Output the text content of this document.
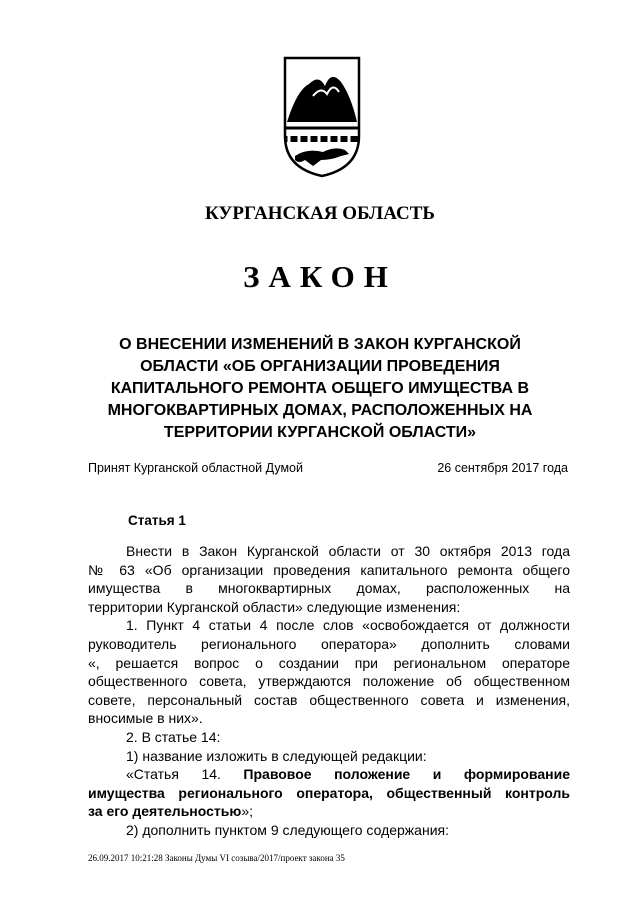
КУРГАНСКАЯ ОБЛАСТЬ
ЗАКОН
О ВНЕСЕНИИ ИЗМЕНЕНИЙ В ЗАКОН КУРГАНСКОЙ
ОБЛАСТИ «ОБ ОРГАНИЗАЦИИ ПРОВЕДЕНИЯ
КАПИТАЛЬНОГО РЕМОНТА ОБЩЕГО ИМУЩЕСТВА В
МНОГОКВАРТИРНЫХ ДОМАХ, РАСПОЛОЖЕННЫХ НА
ТЕРРИТОРИИ КУРГАНСКОЙ ОБЛАСТИ»
Принят Курганской областной Думой	26 сентября 2017 года
Статья 1
Внести в Закон Курганской области от 30 октября 2013 года
№ 63 «Об организации проведения капитального ремонта общего
имущества в многоквартирных домах, расположенных на
территории Курганской области» следующие изменения:
1. Пункт 4 статьи 4 после слов «освобождается от должности
руководитель регионального оператора» дополнить словами
«, решается вопрос о создании при региональном операторе
общественного совета, утверждаются положение об общественном
совете, персональный состав общественного совета и изменения,
вносимые в них».
2. В статье 14:
1) название изложить в следующей редакции:
«Статья 14. Правовое положение и формирование
имущества регионального оператора, общественный контроль
за его деятельностью»;
2) дополнить пунктом 9 следующего содержания:
26.09.2017 10:21:28 Законы Думы VI созыва/2017/проект закона 35
